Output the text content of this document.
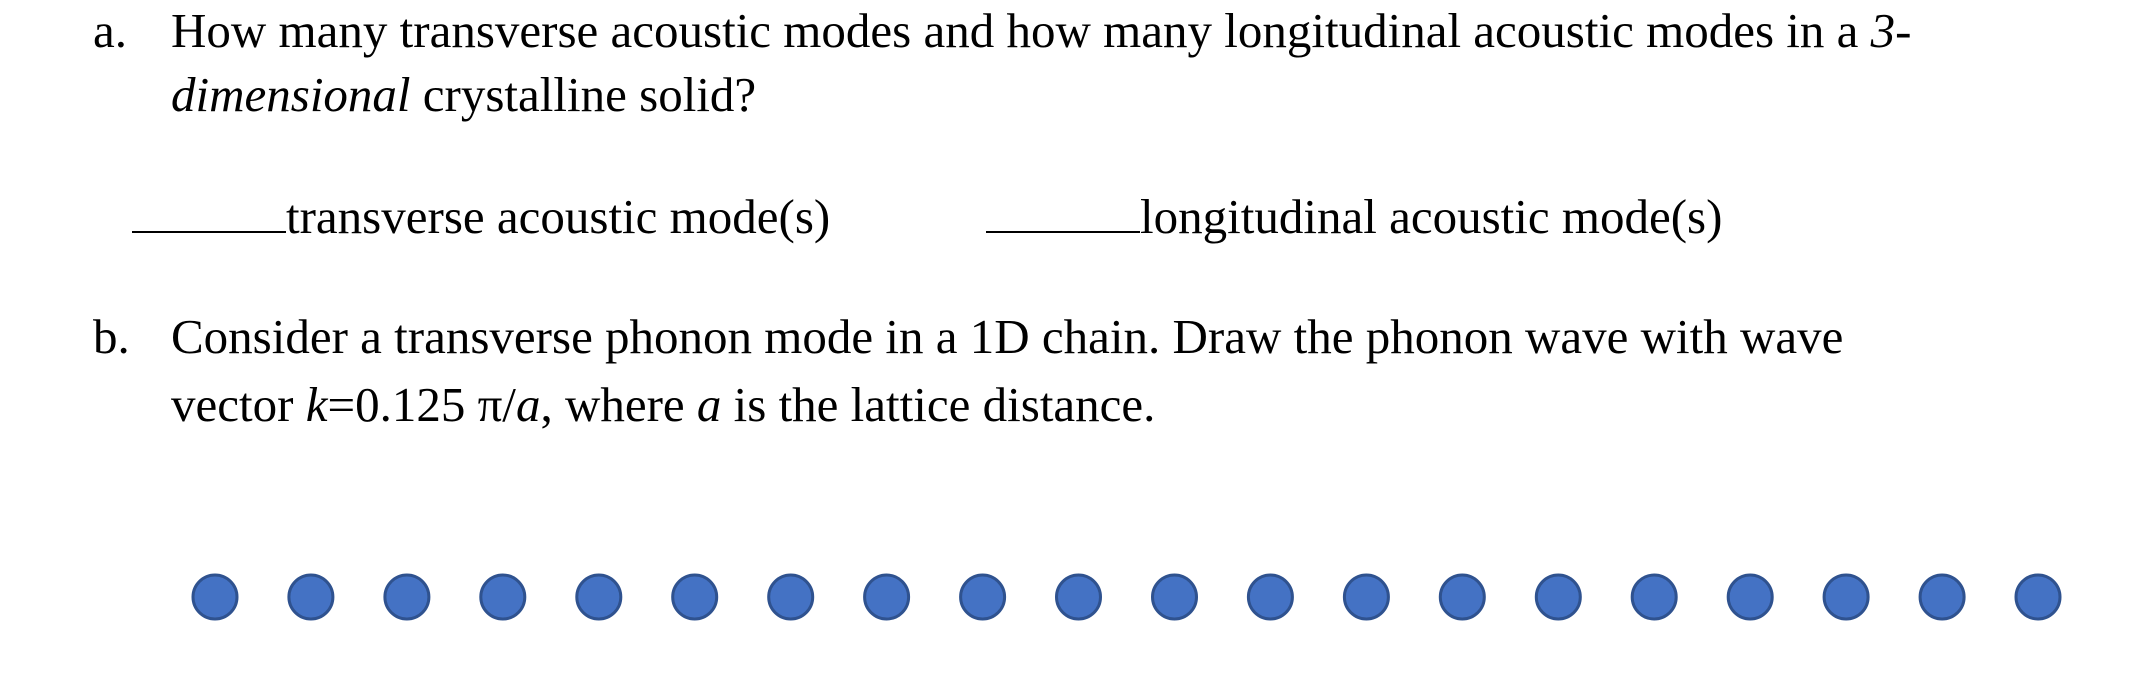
a. How many transverse acoustic modes and how many longitudinal acoustic modes in a 3-
dimensional crystalline solid?
transverse acoustic mode(s)	longitudinal acoustic mode(s)
b. Consider a transverse phonon mode in a 1D chain. Draw the phonon wave with wave
vector k=0.125 π/a, where a is the lattice distance.
